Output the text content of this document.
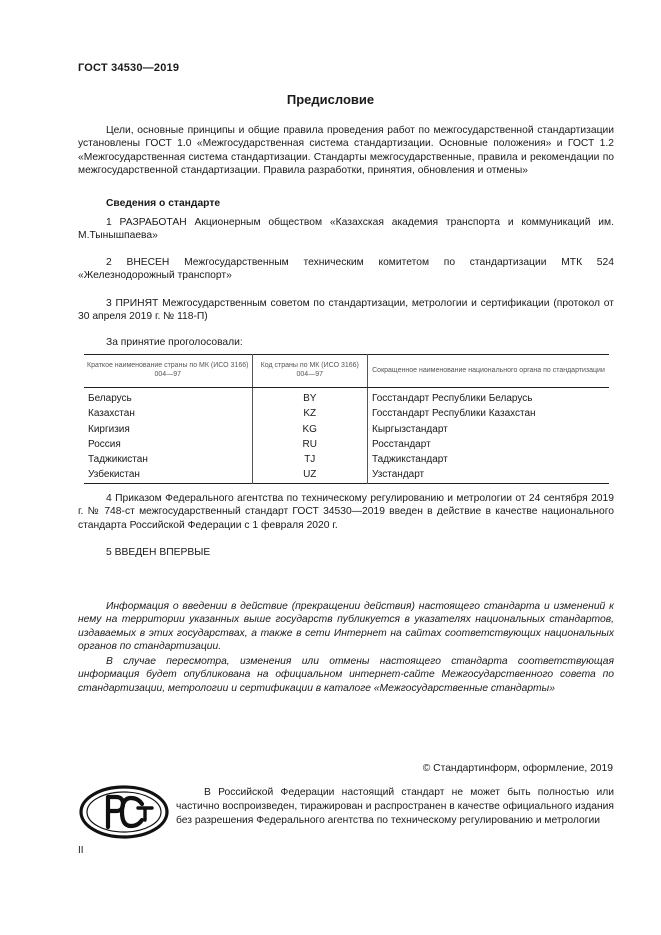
ГОСТ 34530—2019
Предисловие

Цели, основные принципы и общие правила проведения работ по межгосударственной стандартизации установлены ГОСТ 1.0 «Межгосударственная система стандартизации. Основные положения» и ГОСТ 1.2 «Межгосударственная система стандартизации. Стандарты межгосударственные, правила и рекомендации по межгосударственной стандартизации. Правила разработки, принятия, обновления и отмены»

Сведения о стандарте

1 РАЗРАБОТАН Акционерным обществом «Казахская академия транспорта и коммуникаций им. М.Тынышпаева»

2 ВНЕСЕН Межгосударственным техническим комитетом по стандартизации МТК 524 «Железнодорожный транспорт»

3 ПРИНЯТ Межгосударственным советом по стандартизации, метрологии и сертификации (протокол от 30 апреля 2019 г. № 118-П)

За принятие проголосовали:
Краткое наименование страны по МК (ИСО 3166) 004—97	Код страны по МК (ИСО 3166) 004—97	Сокращенное наименование национального органа по стандартизации
Беларусь	BY	Госстандарт Республики Беларусь
Казахстан	KZ	Госстандарт Республики Казахстан
Киргизия	KG	Кыргызстандарт
Россия	RU	Росстандарт
Таджикистан	TJ	Таджикстандарт
Узбекистан	UZ	Узстандарт

4 Приказом Федерального агентства по техническому регулированию и метрологии от 24 сентября 2019 г. № 748-ст межгосударственный стандарт ГОСТ 34530—2019 введен в действие в качестве национального стандарта Российской Федерации с 1 февраля 2020 г.

5 ВВЕДЕН ВПЕРВЫЕ

Информация о введении в действие (прекращении действия) настоящего стандарта и изменений к нему на территории указанных выше государств публикуется в указателях национальных стандартов, издаваемых в этих государствах, а также в сети Интернет на сайтах соответствующих национальных органов по стандартизации.

В случае пересмотра, изменения или отмены настоящего стандарта соответствующая информация будет опубликована на официальном интернет-сайте Межгосударственного совета по стандартизации, метрологии и сертификации в каталоге «Межгосударственные стандарты»

© Стандартинформ, оформление, 2019

В Российской Федерации настоящий стандарт не может быть полностью или частично воспроизведен, тиражирован и распространен в качестве официального издания без разрешения Федерального агентства по техническому регулированию и метрологии

II
